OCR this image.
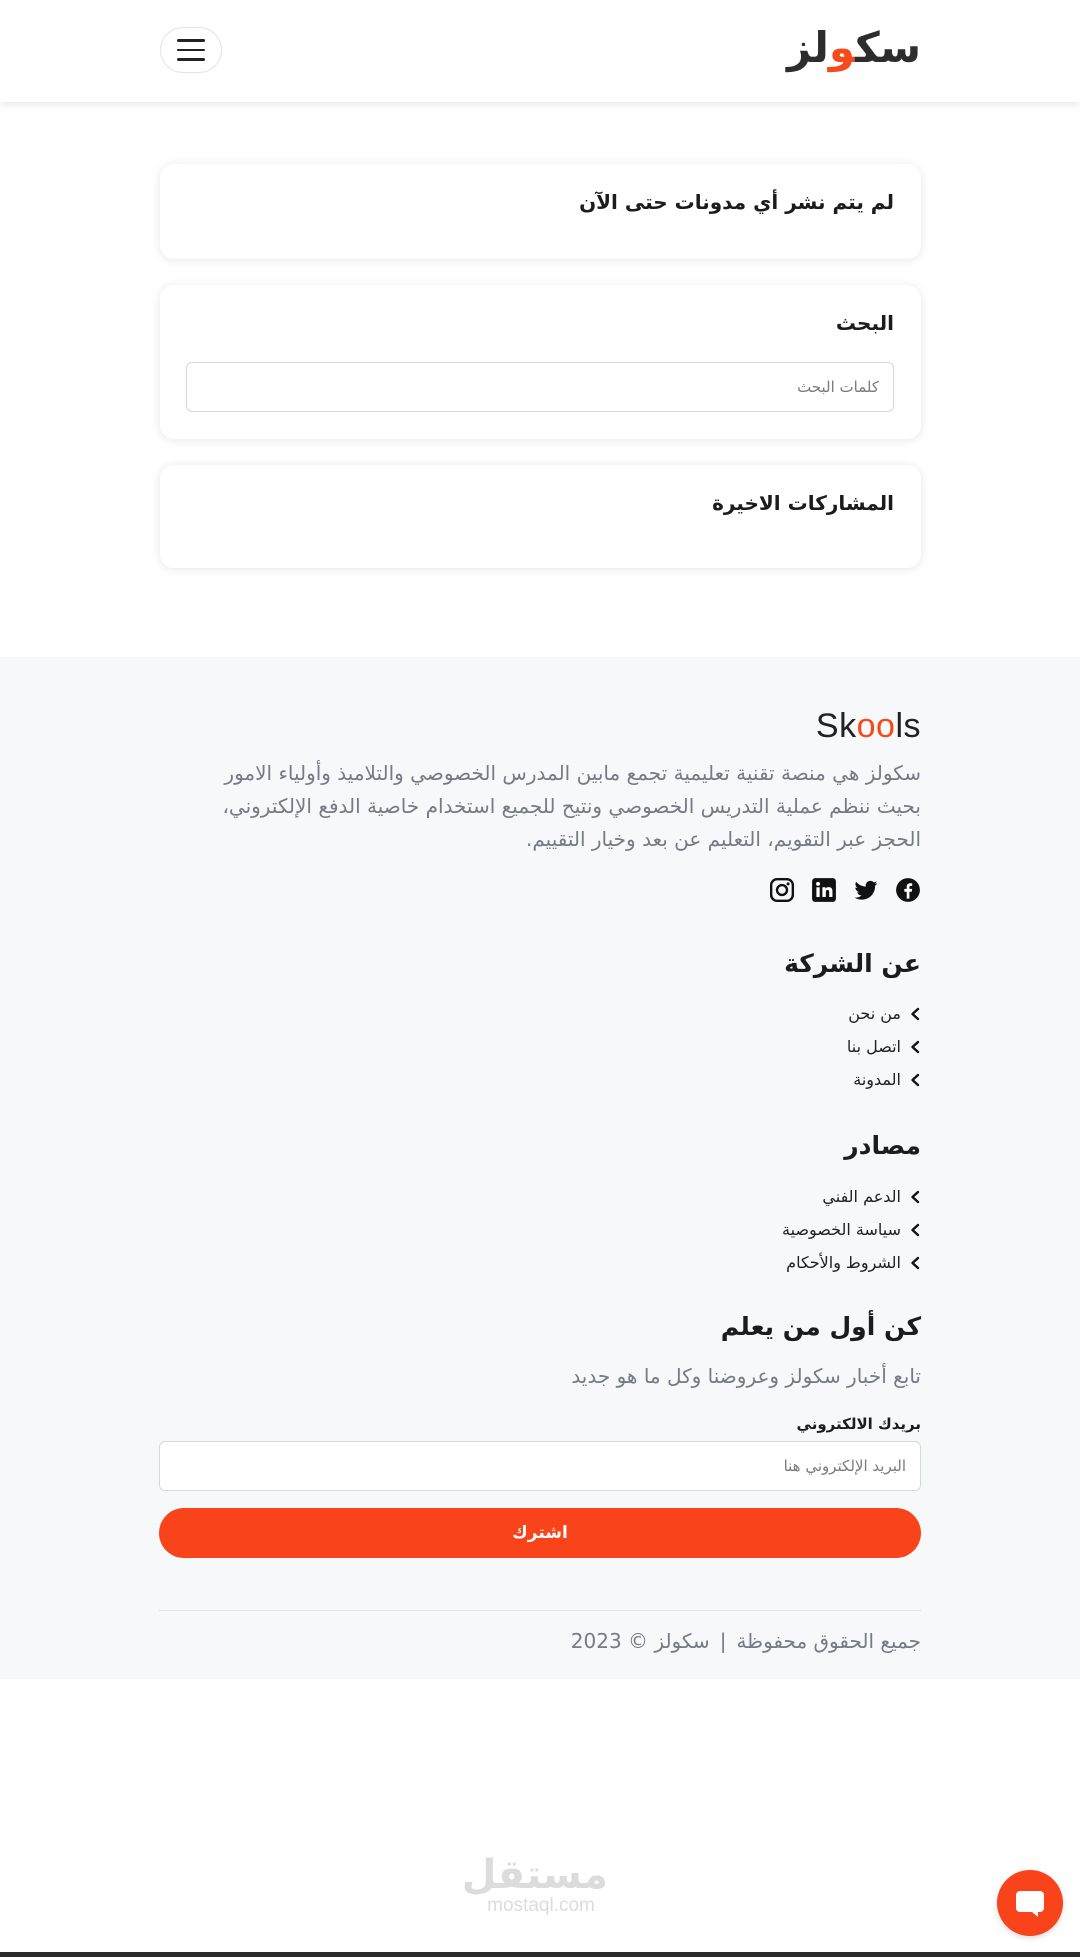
سكولز
لم يتم نشر أي مدونات حتى الآن
البحث
كلمات البحث
المشاركات الاخيرة
Skools

سكولز هي منصة تقنية تعليمية تجمع مابين المدرس الخصوصي والتلاميذ وأولياء الامور بحيث ننظم عملية التدريس الخصوصي ونتيح للجميع استخدام خاصية الدفع الإلكتروني، الحجز عبر التقويم، التعليم عن بعد وخيار التقييم.

عن الشركة
من نحن
اتصل بنا
المدونة
مصادر
الدعم الفني
سياسة الخصوصية
الشروط والأحكام
كن أول من يعلم
تابع أخبار سكولز وعروضنا وكل ما هو جديد
بريدك الالكتروني
البريد الإلكتروني هنا
اشترك
جميع الحقوق محفوظة
|
سكولز © 2023
مستقل
mostaql.com
